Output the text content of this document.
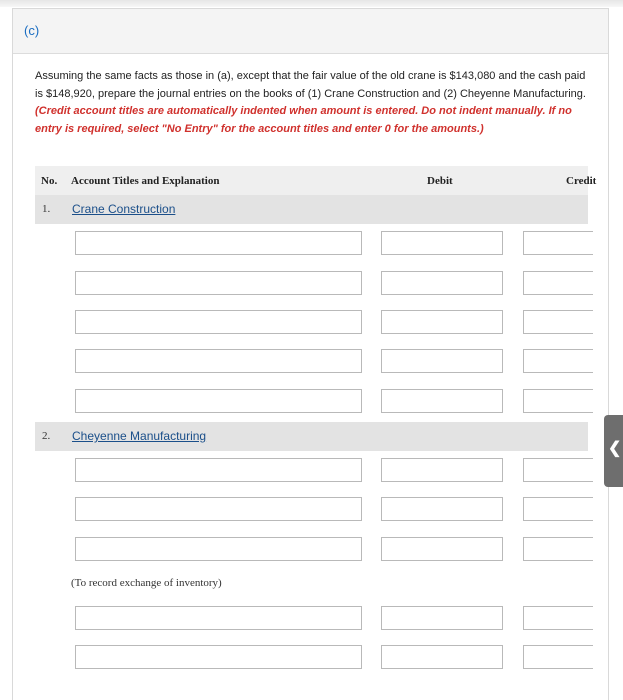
(c)
Assuming the same facts as those in (a), except that the fair value of the old crane is $143,080 and the cash paid is $148,920, prepare the journal entries on the books of (1) Crane Construction and (2) Cheyenne Manufacturing. (Credit account titles are automatically indented when amount is entered. Do not indent manually. If no entry is required, select "No Entry" for the account titles and enter 0 for the amounts.)
No. Account Titles and Explanation	Debit	Credit
1. Crane Construction
2. Cheyenne Manufacturing
(To record exchange of inventory)
❮
